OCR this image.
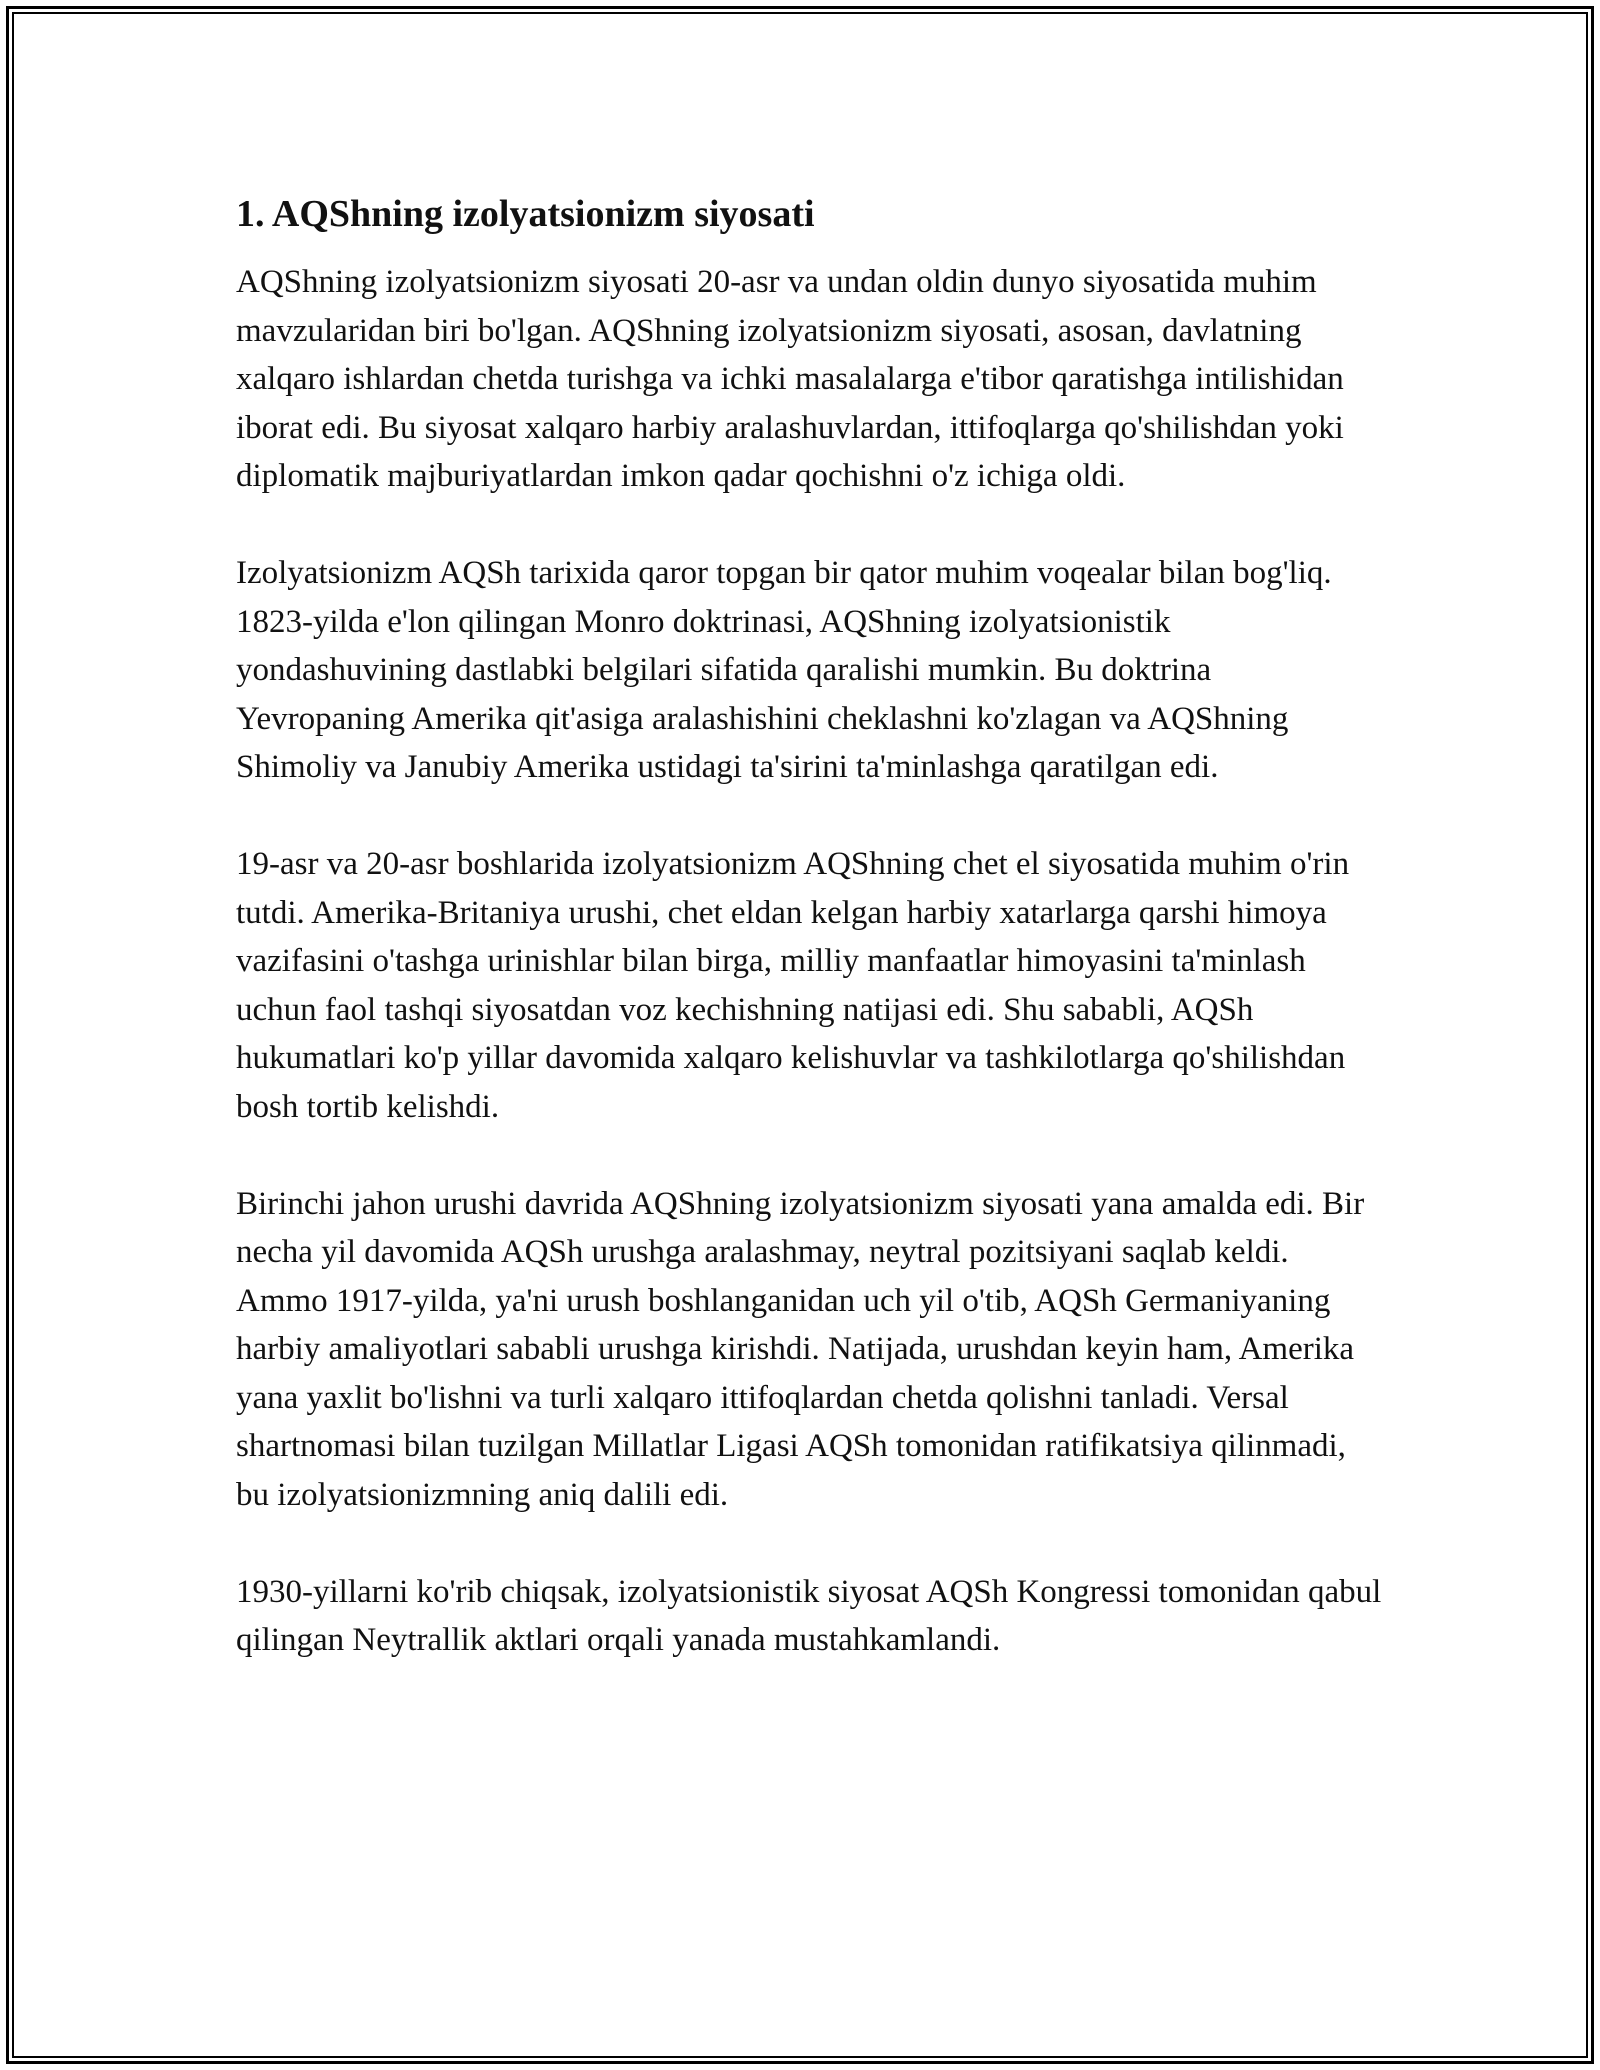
1. AQShning izolyatsionizm siyosati

AQShning izolyatsionizm siyosati 20-asr va undan oldin dunyo siyosatida muhim mavzularidan biri bo'lgan. AQShning izolyatsionizm siyosati, asosan, davlatning xalqaro ishlardan chetda turishga va ichki masalalarga e'tibor qaratishga intilishidan iborat edi. Bu siyosat xalqaro harbiy aralashuvlardan, ittifoqlarga qo'shilishdan yoki diplomatik majburiyatlardan imkon qadar qochishni o'z ichiga oldi.

Izolyatsionizm AQSh tarixida qaror topgan bir qator muhim voqealar bilan bog'liq. 1823-yilda e'lon qilingan Monro doktrinasi, AQShning izolyatsionistik yondashuvining dastlabki belgilari sifatida qaralishi mumkin. Bu doktrina Yevropaning Amerika qit'asiga aralashishini cheklashni ko'zlagan va AQShning Shimoliy va Janubiy Amerika ustidagi ta'sirini ta'minlashga qaratilgan edi.

19-asr va 20-asr boshlarida izolyatsionizm AQShning chet el siyosatida muhim o'rin tutdi. Amerika-Britaniya urushi, chet eldan kelgan harbiy xatarlarga qarshi himoya vazifasini o'tashga urinishlar bilan birga, milliy manfaatlar himoyasini ta'minlash uchun faol tashqi siyosatdan voz kechishning natijasi edi. Shu sababli, AQSh hukumatlari ko'p yillar davomida xalqaro kelishuvlar va tashkilotlarga qo'shilishdan bosh tortib kelishdi.

Birinchi jahon urushi davrida AQShning izolyatsionizm siyosati yana amalda edi. Bir necha yil davomida AQSh urushga aralashmay, neytral pozitsiyani saqlab keldi. Ammo 1917-yilda, ya'ni urush boshlanganidan uch yil o'tib, AQSh Germaniyaning harbiy amaliyotlari sababli urushga kirishdi. Natijada, urushdan keyin ham, Amerika yana yaxlit bo'lishni va turli xalqaro ittifoqlardan chetda qolishni tanladi. Versal shartnomasi bilan tuzilgan Millatlar Ligasi AQSh tomonidan ratifikatsiya qilinmadi, bu izolyatsionizmning aniq dalili edi.

1930-yillarni ko'rib chiqsak, izolyatsionistik siyosat AQSh Kongressi tomonidan qabul qilingan Neytrallik aktlari orqali yanada mustahkamlandi.
